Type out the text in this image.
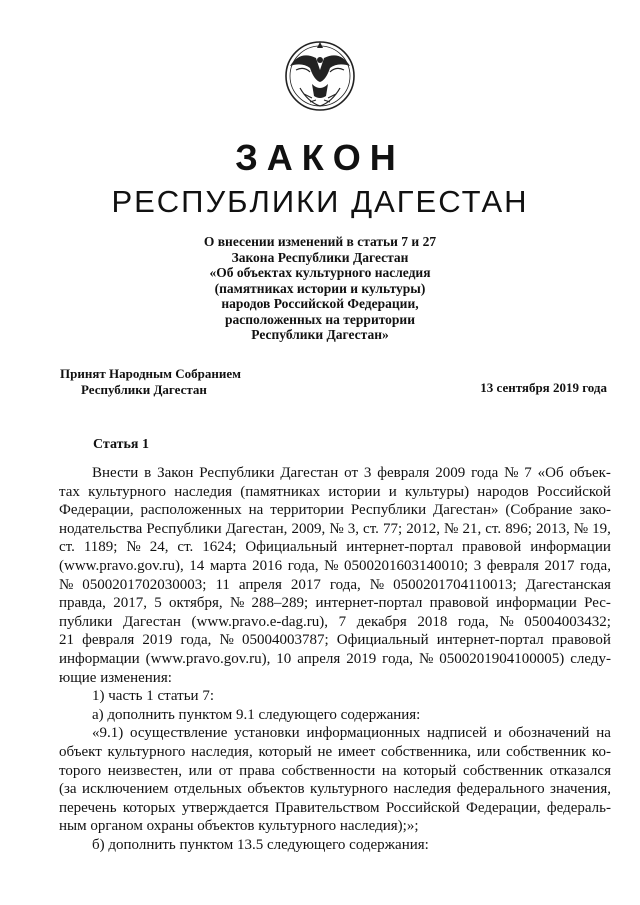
ЗАКОН
РЕСПУБЛИКИ ДАГЕСТАН
О внесении изменений в статьи 7 и 27
Закона Республики Дагестан
«Об объектах культурного наследия
(памятниках истории и культуры)
народов Российской Федерации,
расположенных на территории
Республики Дагестан»
Принят Народным Собранием
Республики Дагестан	13 сентября 2019 года
Статья 1
Внести в Закон Республики Дагестан от 3 февраля 2009 года № 7 «Об объек-
тах культурного наследия (памятниках истории и культуры) народов Российской
Федерации, расположенных на территории Республики Дагестан» (Собрание зако-
нодательства Республики Дагестан, 2009, № 3, ст. 77; 2012, № 21, ст. 896; 2013, № 19,
ст. 1189; № 24, ст. 1624; Официальный интернет-портал правовой информации
(www.pravo.gov.ru), 14 марта 2016 года, № 0500201603140010; 3 февраля 2017 года,
№ 0500201702030003; 11 апреля 2017 года, № 0500201704110013; Дагестанская
правда, 2017, 5 октября, № 288–289; интернет-портал правовой информации Рес-
публики Дагестан (www.pravo.e-dag.ru), 7 декабря 2018 года, № 05004003432;
21 февраля 2019 года, № 05004003787; Официальный интернет-портал правовой
информации (www.pravo.gov.ru), 10 апреля 2019 года, № 0500201904100005) следу-
ющие изменения:
1) часть 1 статьи 7:
а) дополнить пунктом 9.1 следующего содержания:
«9.1) осуществление установки информационных надписей и обозначений на
объект культурного наследия, который не имеет собственника, или собственник ко-
торого неизвестен, или от права собственности на который собственник отказался
(за исключением отдельных объектов культурного наследия федерального значения,
перечень которых утверждается Правительством Российской Федерации, федераль-
ным органом охраны объектов культурного наследия);»;
б) дополнить пунктом 13.5 следующего содержания:
